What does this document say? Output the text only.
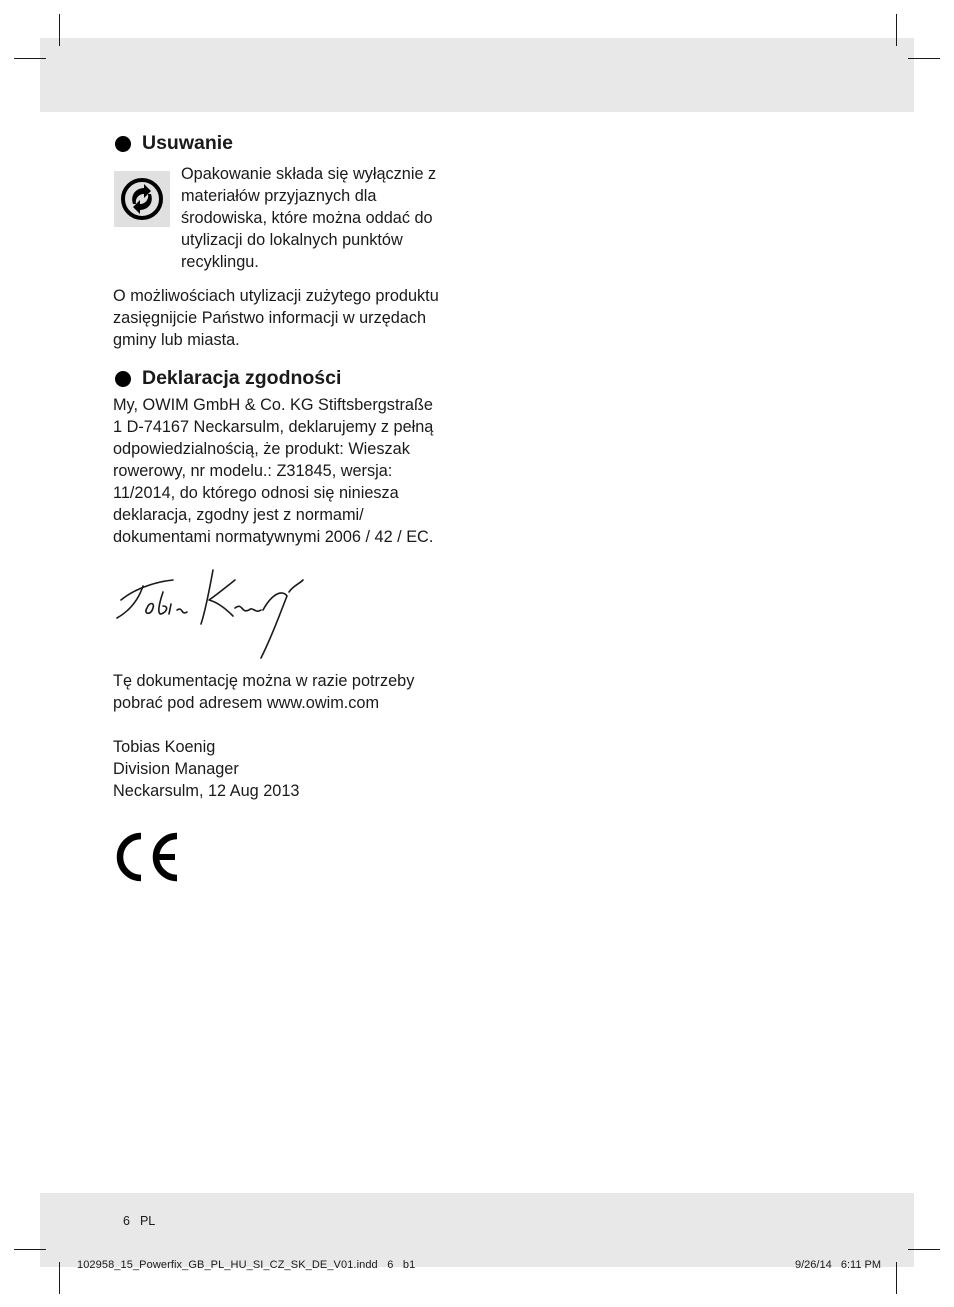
Usuwanie
Opakowanie składa się wyłącznie z
materiałów przyjaznych dla
środowiska, które można oddać do
utylizacji do lokalnych punktów
recyklingu.
O możliwościach utylizacji zużytego produktu
zasięgnijcie Państwo informacji w urzędach
gminy lub miasta.
Deklaracja zgodności
My, OWIM GmbH & Co. KG Stiftsbergstraße
1 D-74167 Neckarsulm, deklarujemy z pełną
odpowiedzialnością, że produkt: Wieszak
rowerowy, nr modelu.: Z31845, wersja:
11/2014, do którego odnosi się niniesza
deklaracja, zgodny jest z normami/
dokumentami normatywnymi 2006 / 42 / EC.
Tę dokumentację można w razie potrzeby
pobrać pod adresem www.owim.com
Tobias Koenig
Division Manager
Neckarsulm, 12 Aug 2013
6 PL
102958_15_Powerfix_GB_PL_HU_SI_CZ_SK_DE_V01.indd   6   b1	9/26/14   6:11 PM
